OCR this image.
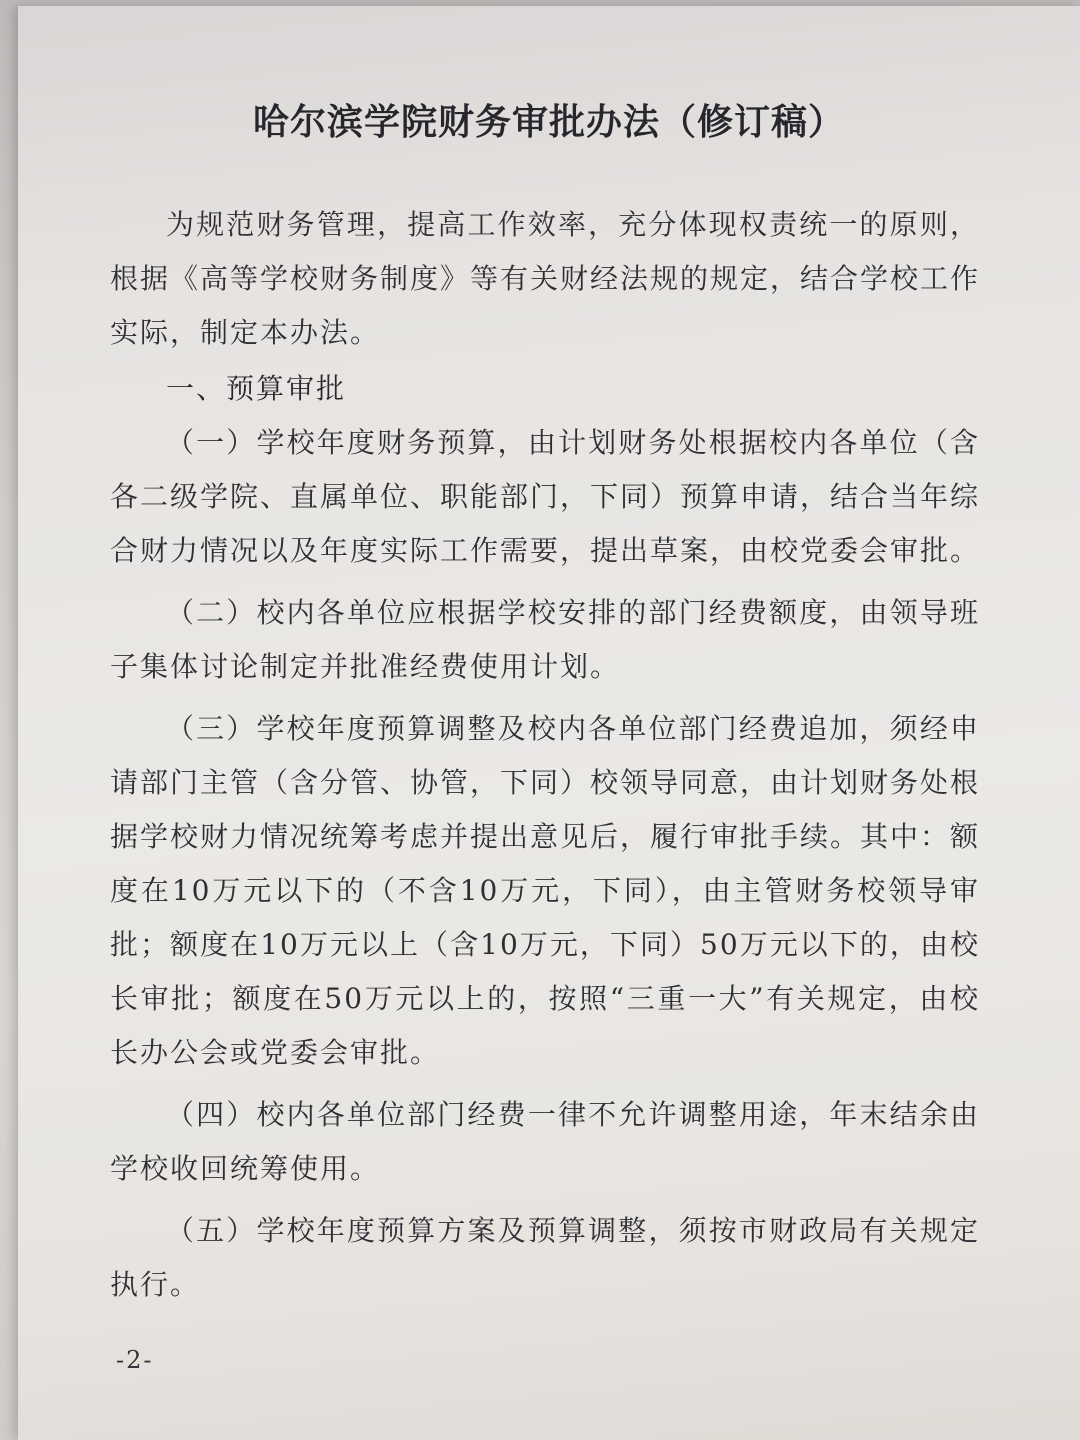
哈尔滨学院财务审批办法（修订稿）

为规范财务管理，提高工作效率，充分体现权责统一的原则，根据《高等学校财务制度》等有关财经法规的规定，结合学校工作实际，制定本办法。

一、预算审批

（一）学校年度财务预算，由计划财务处根据校内各单位（含各二级学院、直属单位、职能部门，下同）预算申请，结合当年综合财力情况以及年度实际工作需要，提出草案，由校党委会审批。

（二）校内各单位应根据学校安排的部门经费额度，由领导班子集体讨论制定并批准经费使用计划。

（三）学校年度预算调整及校内各单位部门经费追加，须经申请部门主管（含分管、协管，下同）校领导同意，由计划财务处根据学校财力情况统筹考虑并提出意见后，履行审批手续。其中：额度在10万元以下的（不含10万元，下同），由主管财务校领导审批；额度在10万元以上（含10万元，下同）50万元以下的，由校长审批；额度在50万元以上的，按照“三重一大”有关规定，由校长办公会或党委会审批。

（四）校内各单位部门经费一律不允许调整用途，年末结余由学校收回统筹使用。

（五）学校年度预算方案及预算调整，须按市财政局有关规定执行。

-2-
